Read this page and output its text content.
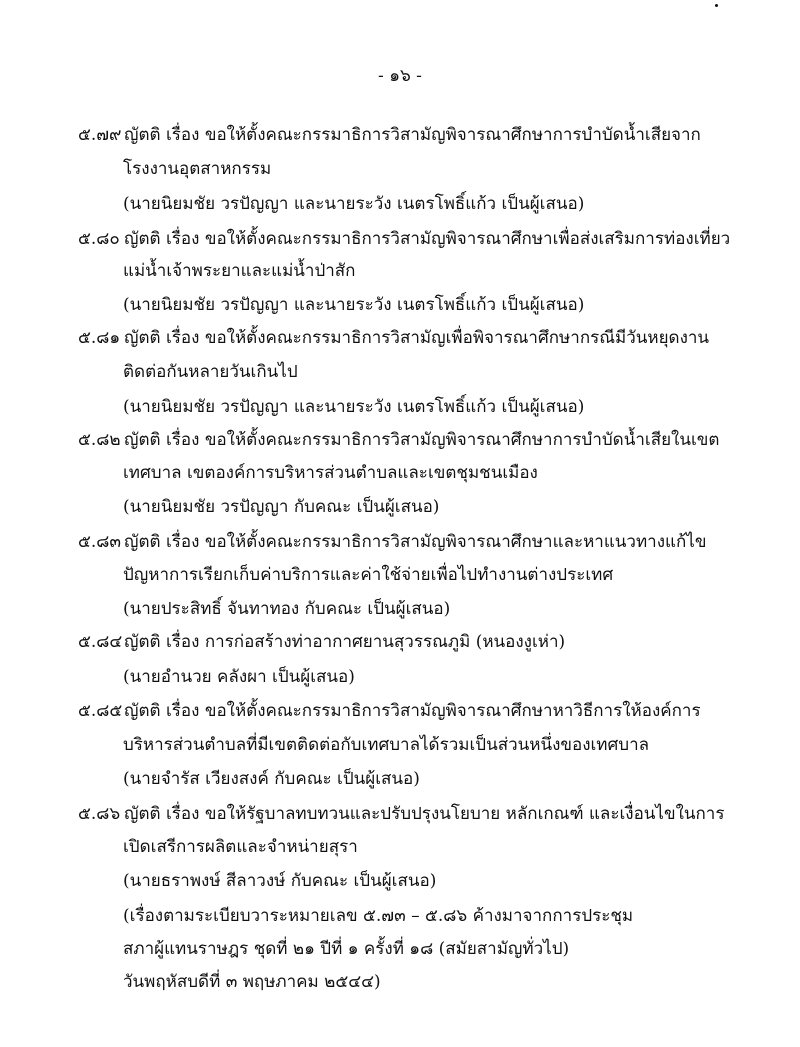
- ๑๖ -
๕.๗๙ ญัตติ เรื่อง ขอให้ตั้งคณะกรรมาธิการวิสามัญพิจารณาศึกษาการบำบัดน้ำเสียจาก
โรงงานอุตสาหกรรม
(นายนิยมชัย วรปัญญา และนายระวัง เนตรโพธิ์แก้ว เป็นผู้เสนอ)
๕.๘๐ ญัตติ เรื่อง ขอให้ตั้งคณะกรรมาธิการวิสามัญพิจารณาศึกษาเพื่อส่งเสริมการท่องเที่ยว
แม่น้ำเจ้าพระยาและแม่น้ำป่าสัก
(นายนิยมชัย วรปัญญา และนายระวัง เนตรโพธิ์แก้ว เป็นผู้เสนอ)
๕.๘๑ ญัตติ เรื่อง ขอให้ตั้งคณะกรรมาธิการวิสามัญเพื่อพิจารณาศึกษากรณีมีวันหยุดงาน
ติดต่อกันหลายวันเกินไป
(นายนิยมชัย วรปัญญา และนายระวัง เนตรโพธิ์แก้ว เป็นผู้เสนอ)
๕.๘๒ ญัตติ เรื่อง ขอให้ตั้งคณะกรรมาธิการวิสามัญพิจารณาศึกษาการบำบัดน้ำเสียในเขต
เทศบาล เขตองค์การบริหารส่วนตำบลและเขตชุมชนเมือง
(นายนิยมชัย วรปัญญา กับคณะ เป็นผู้เสนอ)
๕.๘๓ ญัตติ เรื่อง ขอให้ตั้งคณะกรรมาธิการวิสามัญพิจารณาศึกษาและหาแนวทางแก้ไข
ปัญหาการเรียกเก็บค่าบริการและค่าใช้จ่ายเพื่อไปทำงานต่างประเทศ
(นายประสิทธิ์ จันทาทอง กับคณะ เป็นผู้เสนอ)
๕.๘๔ ญัตติ เรื่อง การก่อสร้างท่าอากาศยานสุวรรณภูมิ (หนองงูเห่า)
(นายอำนวย คลังผา เป็นผู้เสนอ)
๕.๘๕ ญัตติ เรื่อง ขอให้ตั้งคณะกรรมาธิการวิสามัญพิจารณาศึกษาหาวิธีการให้องค์การ
บริหารส่วนตำบลที่มีเขตติดต่อกับเทศบาลได้รวมเป็นส่วนหนึ่งของเทศบาล
(นายจำรัส เวียงสงค์ กับคณะ เป็นผู้เสนอ)
๕.๘๖ ญัตติ เรื่อง ขอให้รัฐบาลทบทวนและปรับปรุงนโยบาย หลักเกณฑ์ และเงื่อนไขในการ
เปิดเสรีการผลิตและจำหน่ายสุรา
(นายธราพงษ์ สีลาวงษ์ กับคณะ เป็นผู้เสนอ)
(เรื่องตามระเบียบวาระหมายเลข ๕.๗๓ – ๕.๘๖ ค้างมาจากการประชุม
สภาผู้แทนราษฎร ชุดที่ ๒๑ ปีที่ ๑ ครั้งที่ ๑๘ (สมัยสามัญทั่วไป)
วันพฤหัสบดีที่ ๓ พฤษภาคม ๒๕๔๔)
